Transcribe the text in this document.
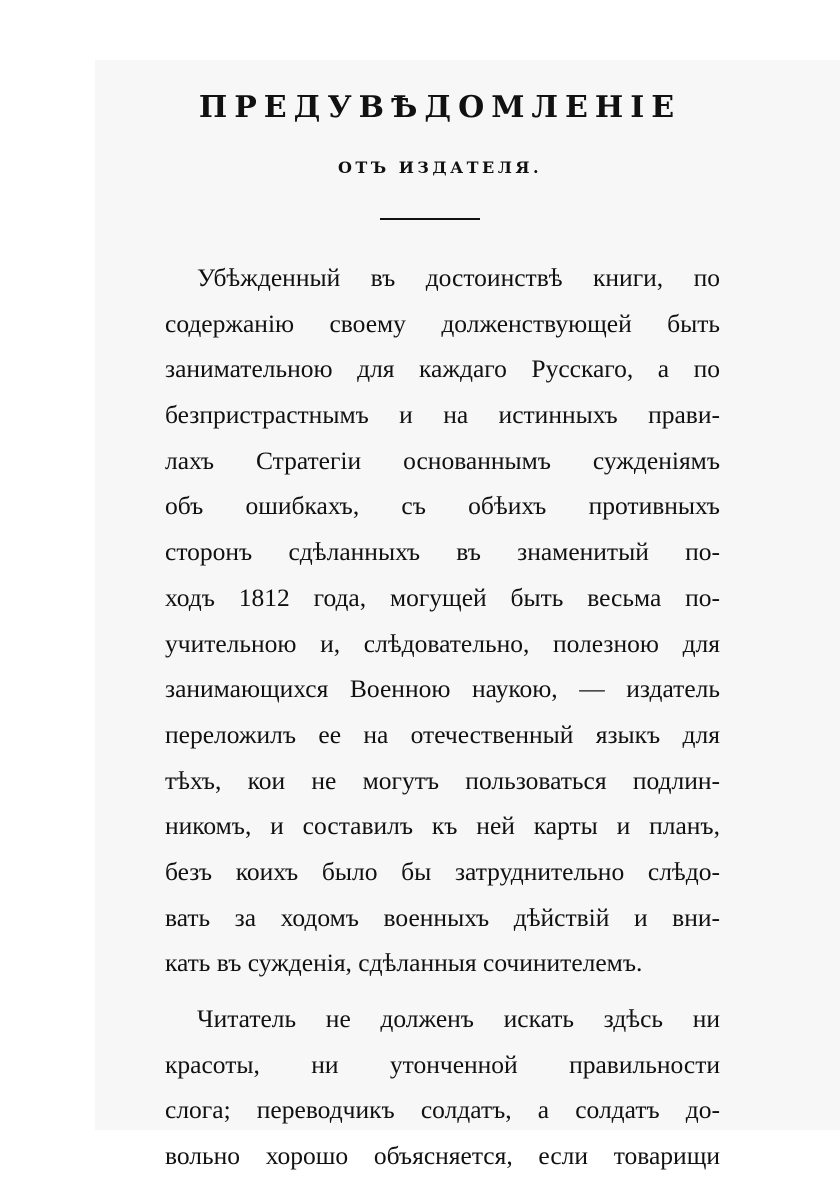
ПРЕДУВѢДОМЛЕНІЕ
ОТЪ ИЗДАТЕЛЯ.
Убѣжденный въ достоинствѣ книги, по
содержанію своему долженствующей быть
занимательною для каждаго Русскаго, а по
безпристрастнымъ и на истинныхъ прави-
лахъ Стратегіи основаннымъ сужденіямъ
объ ошибкахъ, съ обѣихъ противныхъ
сторонъ сдѣланныхъ въ знаменитый по-
ходъ 1812 года, могущей быть весьма по-
учительною и, слѣдовательно, полезною для
занимающихся Военною наукою, — издатель
переложилъ ее на отечественный языкъ для
тѣхъ, кои не могутъ пользоваться подлин-
никомъ, и составилъ къ ней карты и планъ,
безъ коихъ было бы затруднительно слѣдо-
вать за ходомъ военныхъ дѣйствій и вни-
кать въ сужденія, сдѣланныя сочинителемъ.
Читатель не долженъ искать здѣсь ни
красоты, ни утонченной правильности
слога; переводчикъ солдатъ, а солдатъ до-
вольно хорошо объясняется, если товарищи
